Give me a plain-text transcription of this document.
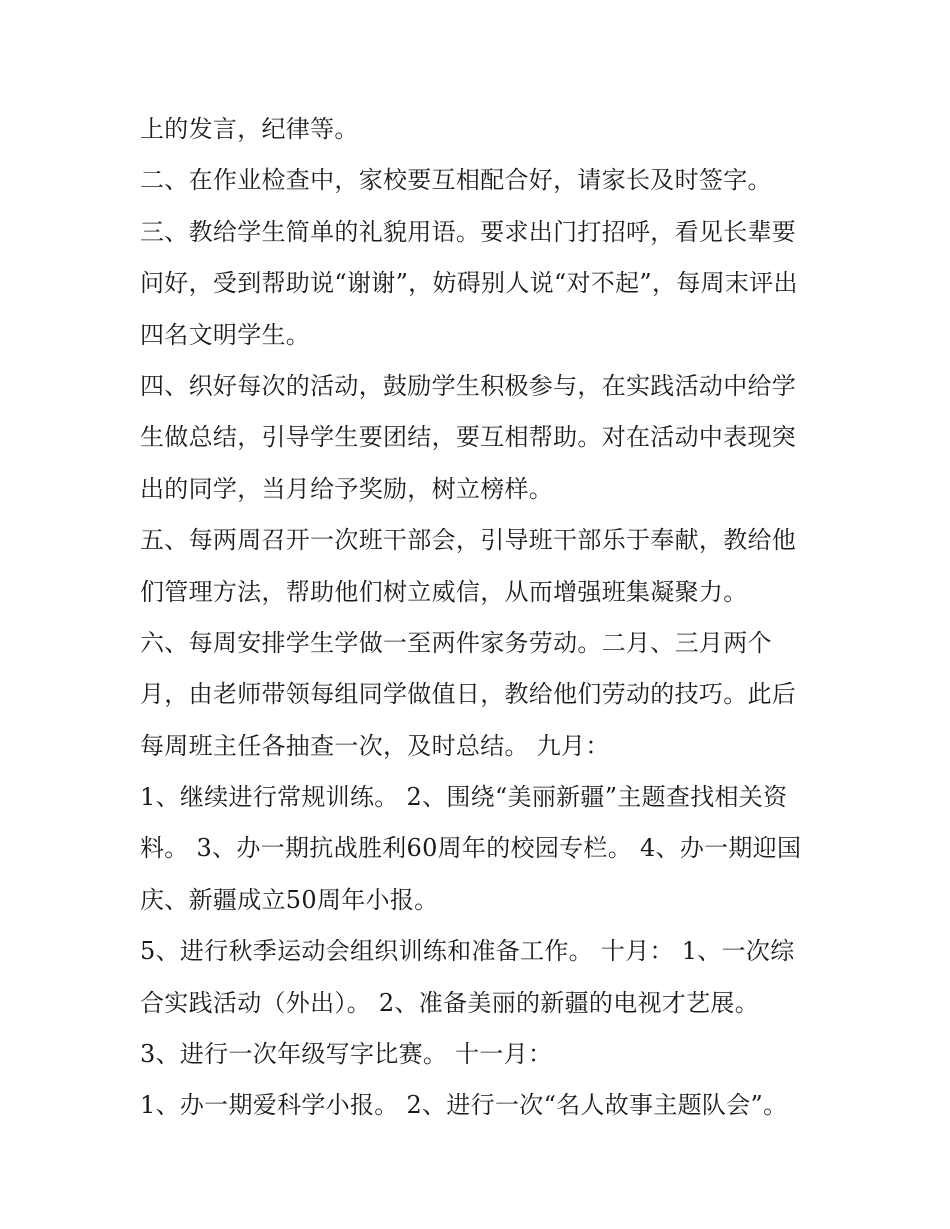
上的发言，纪律等。
二、在作业检查中，家校要互相配合好，请家长及时签字。
三、教给学生简单的礼貌用语。要求出门打招呼，看见长辈要
问好，受到帮助说“谢谢”，妨碍别人说“对不起”，每周末评出
四名文明学生。
四、织好每次的活动，鼓励学生积极参与，在实践活动中给学
生做总结，引导学生要团结，要互相帮助。对在活动中表现突
出的同学，当月给予奖励，树立榜样。
五、每两周召开一次班干部会，引导班干部乐于奉献，教给他
们管理方法，帮助他们树立威信，从而增强班集凝聚力。
六、每周安排学生学做一至两件家务劳动。二月、三月两个
月，由老师带领每组同学做值日，教给他们劳动的技巧。此后
每周班主任各抽查一次，及时总结。 九月：
1、继续进行常规训练。 2、围绕“美丽新疆”主题查找相关资
料。 3、办一期抗战胜利60周年的校园专栏。 4、办一期迎国
庆、新疆成立50周年小报。
5、进行秋季运动会组织训练和准备工作。 十月： 1、一次综
合实践活动（外出）。 2、准备美丽的新疆的电视才艺展。
3、进行一次年级写字比赛。 十一月：
1、办一期爱科学小报。 2、进行一次“名人故事主题队会”。
